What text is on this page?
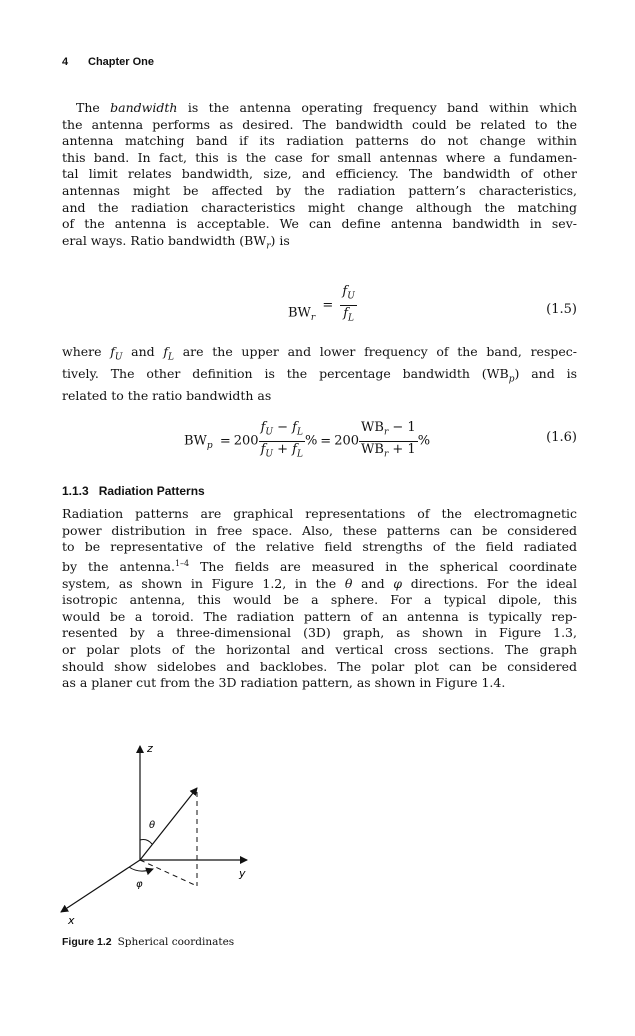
4 Chapter One
The bandwidth is the antenna operating frequency band within which
the antenna performs as desired. The bandwidth could be related to the
antenna matching band if its radiation patterns do not change within
this band. In fact, this is the case for small antennas where a fundamen-
tal limit relates bandwidth, size, and efficiency. The bandwidth of other
antennas might be affected by the radiation pattern’s characteristics,
and the radiation characteristics might change although the matching
of the antenna is acceptable. We can define antenna bandwidth in sev-
eral ways. Ratio bandwidth $(BW_r)$ is
$BW_r = \frac{f_U}{f_L}$	(1.5)
where $f_U$ and $f_L$ are the upper and lower frequency of the band, respec-
tively. The other definition is the percentage bandwidth $(WB_p)$ and is
related to the ratio bandwidth as
$BW_p = 200 \frac{f_U - f_L}{f_U + f_L}$ % = $200 \frac{WB_r - 1}{WB_r + 1}$ %	(1.6)
1.1.3 Radiation Patterns
Radiation patterns are graphical representations of the electromagnetic
power distribution in free space. Also, these patterns can be considered
to be representative of the relative field strengths of the field radiated
by the antenna.$^{1-4}$ The fields are measured in the spherical coordinate
system, as shown in Figure 1.2, in the θ and φ directions. For the ideal
isotropic antenna, this would be a sphere. For a typical dipole, this
would be a toroid. The radiation pattern of an antenna is typically rep-
resented by a three-dimensional (3D) graph, as shown in Figure 1.3,
or polar plots of the horizontal and vertical cross sections. The graph
should show sidelobes and backlobes. The polar plot can be considered
as a planer cut from the 3D radiation pattern, as shown in Figure 1.4.
z
y
x
θ
φ
Figure 1.2 Spherical coordinates
